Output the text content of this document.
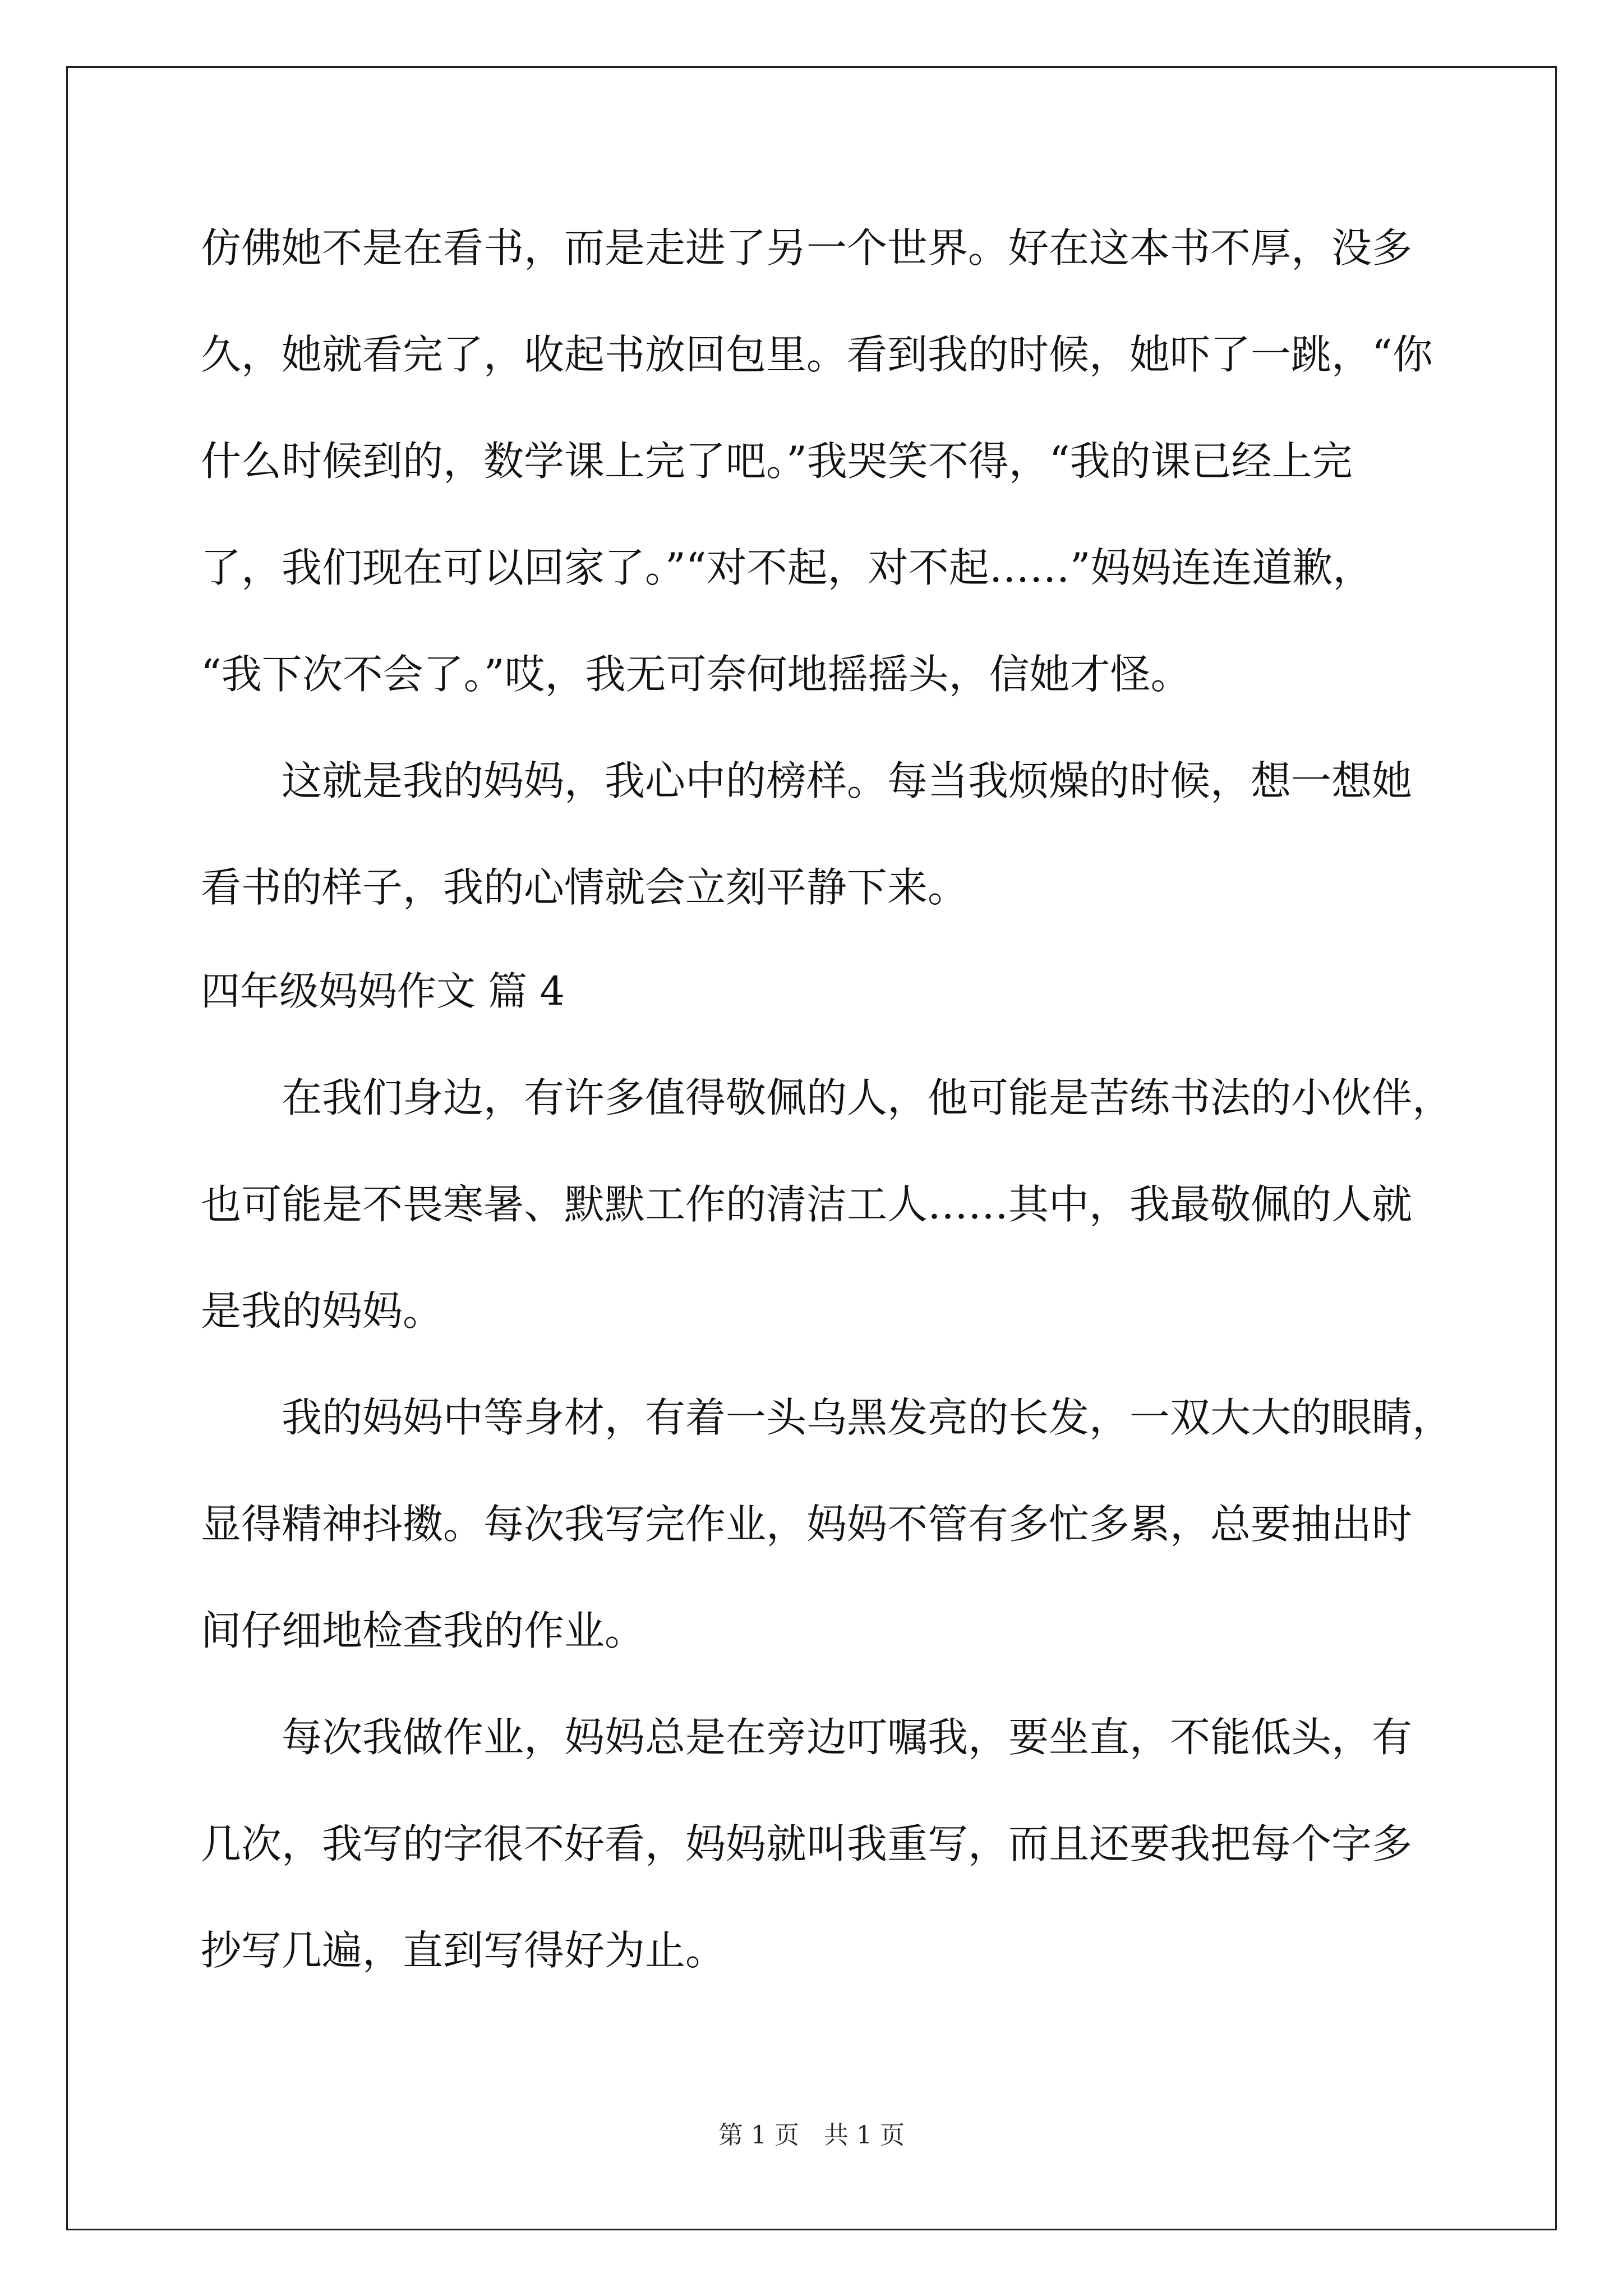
仿佛她不是在看书，而是走进了另一个世界。好在这本书不厚，没多
久，她就看完了，收起书放回包里。看到我的时候，她吓了一跳，“你
什么时候到的，数学课上完了吧。”我哭笑不得，“我的课已经上完
了，我们现在可以回家了。”“对不起，对不起……”妈妈连连道歉，
“我下次不会了。”哎，我无可奈何地摇摇头，信她才怪。
这就是我的妈妈，我心中的榜样。每当我烦燥的时候，想一想她
看书的样子，我的心情就会立刻平静下来。
四年级妈妈作文 篇 4
在我们身边，有许多值得敬佩的人，他可能是苦练书法的小伙伴，
也可能是不畏寒暑、默默工作的清洁工人……其中，我最敬佩的人就
是我的妈妈。
我的妈妈中等身材，有着一头乌黑发亮的长发，一双大大的眼睛，
显得精神抖擞。每次我写完作业，妈妈不管有多忙多累，总要抽出时
间仔细地检查我的作业。
每次我做作业，妈妈总是在旁边叮嘱我，要坐直，不能低头，有
几次，我写的字很不好看，妈妈就叫我重写，而且还要我把每个字多
抄写几遍，直到写得好为止。
第 1 页 共 1 页
